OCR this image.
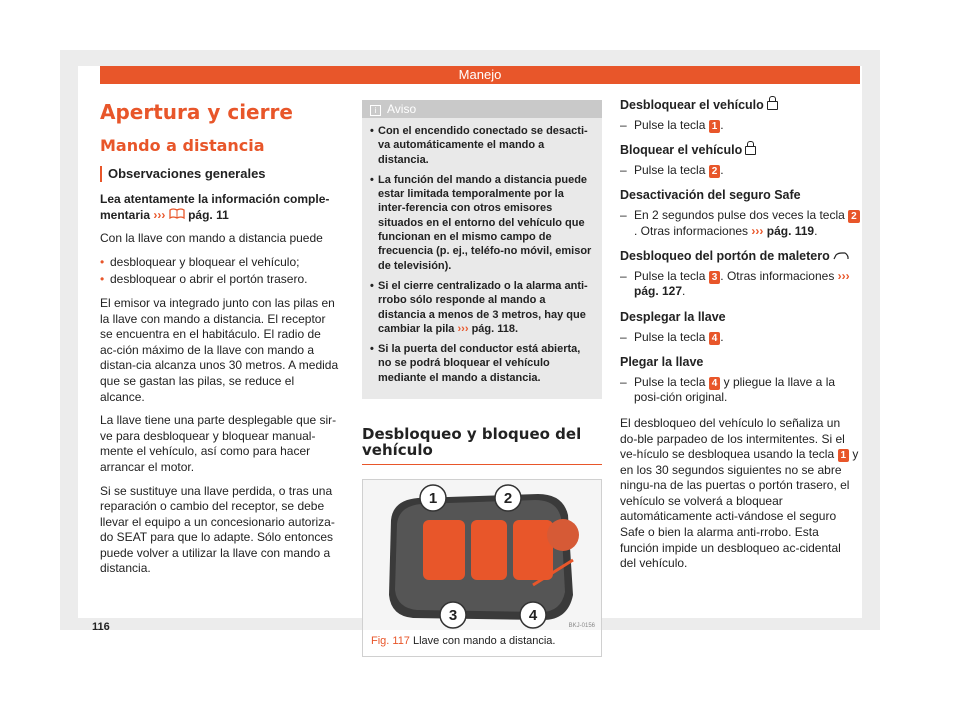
Manejo
Apertura y cierre
Mando a distancia
Observaciones generales

Lea atentamente la información comple-mentaria ››› pág. 11

Con la llave con mando a distancia puede

• desbloquear y bloquear el vehículo;
• desbloquear o abrir el portón trasero.

El emisor va integrado junto con las pilas en la llave con mando a distancia. El receptor se encuentra en el habitáculo. El radio de ac-ción máximo de la llave con mando a distan-cia alcanza unos 30 metros. A medida que se gastan las pilas, se reduce el alcance.

La llave tiene una parte desplegable que sir-ve para desbloquear y bloquear manual-mente el vehículo, así como para hacer arrancar el motor.

Si se sustituye una llave perdida, o tras una reparación o cambio del receptor, se debe llevar el equipo a un concesionario autoriza-do SEAT para que lo adapte. Sólo entonces puede volver a utilizar la llave con mando a distancia.

i Aviso
• Con el encendido conectado se desacti-va automáticamente el mando a distancia.
• La función del mando a distancia puede estar limitada temporalmente por la inter-ferencia con otros emisores situados en el entorno del vehículo que funcionan en el mismo campo de frecuencia (p. ej., teléfo-no móvil, emisor de televisión).
• Si el cierre centralizado o la alarma anti-rrobo sólo responde al mando a distancia a menos de 3 metros, hay que cambiar la pila ››› pág. 118.
• Si la puerta del conductor está abierta, no se podrá bloquear el vehículo mediante el mando a distancia.
Desbloqueo y bloqueo del vehículo
1	2
3	4
BKJ-0156
Fig. 117 Llave con mando a distancia.
Desbloquear el vehículo
– Pulse la tecla 1 .
Bloquear el vehículo
– Pulse la tecla 2 .
Desactivación del seguro Safe
– En 2 segundos pulse dos veces la tecla 2. Otras informaciones ››› pág. 119.
Desbloqueo del portón de maletero
– Pulse la tecla 3 . Otras informaciones ››› pág. 127.
Desplegar la llave
– Pulse la tecla 4 .
Plegar la llave
– Pulse la tecla 4 y pliegue la llave a la posi-ción original.

El desbloqueo del vehículo lo señaliza un do-ble parpadeo de los intermitentes. Si el ve-hículo se desbloquea usando la tecla 1 y en los 30 segundos siguientes no se abre ningu-na de las puertas o portón trasero, el vehículo se volverá a bloquear automáticamente acti-vándose el seguro Safe o bien la alarma anti-rrobo. Esta función impide un desbloqueo ac-cidental del vehículo.

116
